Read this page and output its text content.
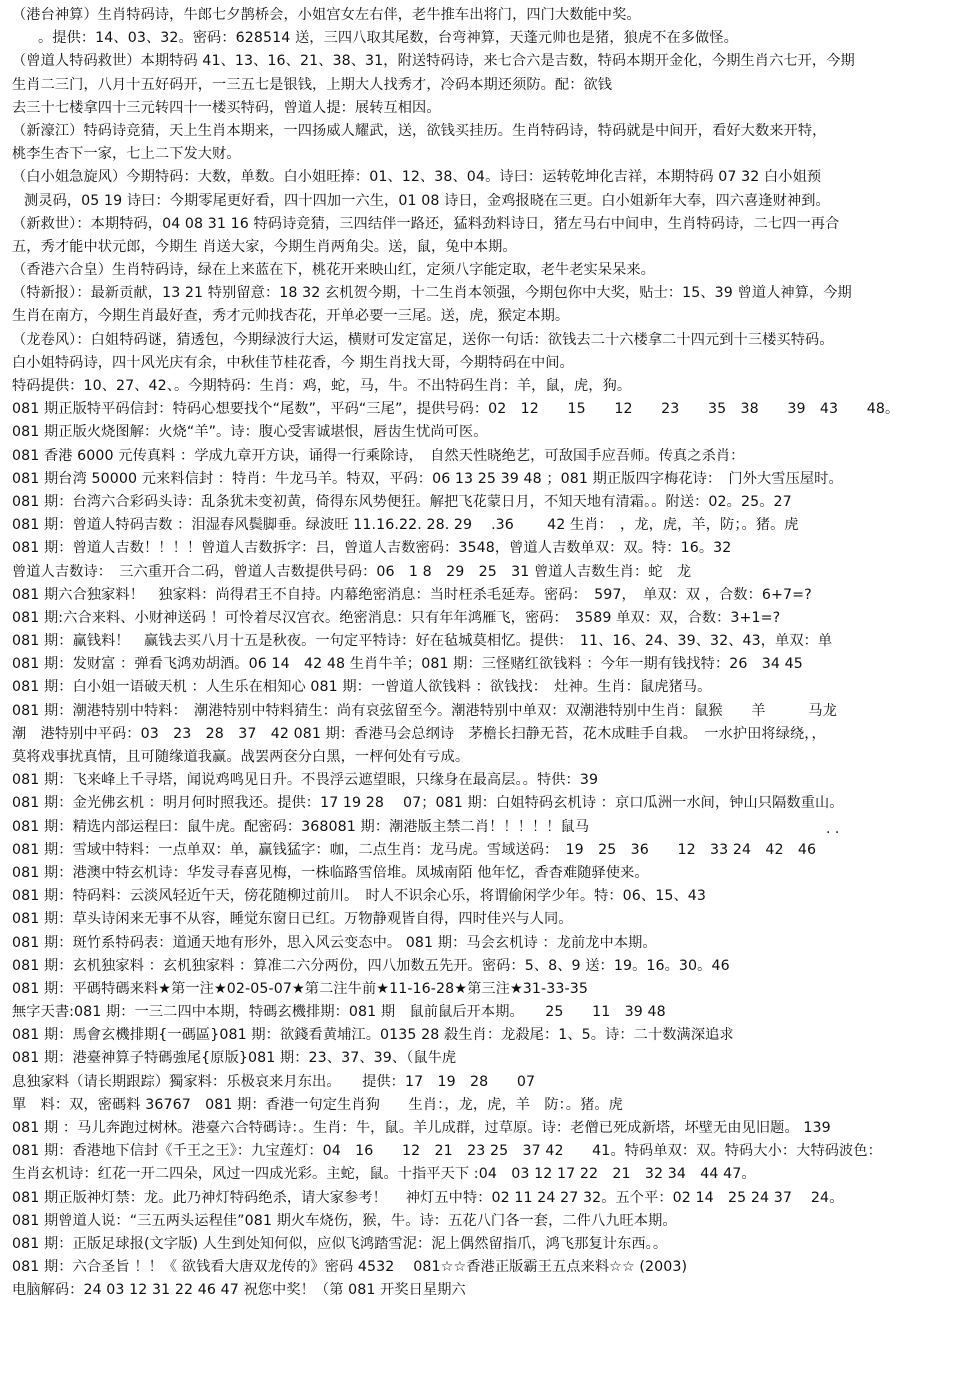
（港台神算）生肖特码诗，牛郎七夕鹊桥会，小姐宫女左右伴，老牛推车出将门，四门大数能中奖。
。提供：14、03、32。密码：628514 送，三四八取其尾数，台弯神算，天蓬元帅也是猪，狼虎不在多做怪。
（曾道人特码救世）本期特码 41、13、16、21、38、31，附送特码诗，来七合六是吉数，特码本期开金化，今期生肖六七开，今期
生肖二三门，八月十五好码开，一三五七是银钱，上期大人找秀才，冷码本期还须防。配：欲钱
去三十七楼拿四十三元转四十一楼买特码，曾道人提：展转互相因。
（新濠江）特码诗竞猜，天上生肖本期来，一四扬威人耀武，送，欲钱买挂历。生肖特码诗，特码就是中间开，看好大数来开特，
桃李生杏下一家，七上二下发大财。
（白小姐急旋风）今期特码：大数，单数。白小姐旺捧：01、12、38、04。诗曰：运转乾坤化吉祥，本期特码 07 32 白小姐预
测灵码，05 19 诗曰：今期零尾更好看，四十四加一六生，01 08 诗日，金鸡报晓在三更。白小姐新年大奉，四六喜逢财神到。
（新救世）：本期特码，04 08 31 16 特码诗竞猜，三四结伴一路还，猛料劲料诗日，猪左马右中间申，生肖特码诗，二七四一再合
五，秀才能中状元郎，今期生 肖送大家，今期生肖两角尖。送，鼠，兔中本期。
（香港六合皇）生肖特码诗，绿在上来蓝在下，桃花开来映山红，定须八字能定取，老牛老实呆呆来。
（特新报）：最新贡献，13 21 特别留意：18 32 玄机贺今期，十二生肖本领强，今期包你中大奖，贴士：15、39 曾道人神算，今期
生肖在南方，今期生肖最好查，秀才元帅找杏花，开单必要一三尾。送，虎，猴定本期。
（龙卷风）：白姐特码谜，猜透包，今期绿波行大运，横财可发定富足，送你一句话：欲钱去二十六楼拿二十四元到十三楼买特码。
白小姐特码诗，四十风光庆有余，中秋佳节桂花香，今 期生肖找大哥，今期特码在中间。
特码提供：10、27、42、。今期特码：生肖：鸡，蛇，马，牛。不出特码生肖：羊，鼠，虎，狗。
081 期正版特平码信封：特码心想要找个“尾数”，平码“三尾”，提供号码：02　12　　15　　12　　23　　35　38　　39　43　　48。
081 期正版火烧图解：火烧“羊”。诗：腹心受害诚堪恨，唇齿生忧尚可医。
081 香港 6000 元传真料 ：学成九章开方诀，诵得一行乘除诗，　自然天性晓绝艺，可敌国手应吾师。传真之杀肖：
081 期台湾 50000 元来料信封 ：特肖：牛龙马羊。特双，平码：06 13 25 39 48 ；081 期正版四字梅花诗：　门外大雪压屋时。
081 期：台湾六合彩码头诗：乱条犹未变初黄，倚得东风势便狂。解把飞花蒙日月，不知天地有清霜。。附送：02。25。27
081 期：曾道人特码吉数 ：泪湿春风鬓脚垂。绿波旺 11.16.22. 28. 29 　.36 　　42 生肖：　，龙，虎，羊，防；。猪。虎
081 期：曾道人吉数！！！！曾道人吉数拆字：吕，曾道人吉数密码：3548，曾道人吉数单双：双。特：16。32
曾道人吉数诗：　三六重开合二码，曾道人吉数提供号码：06　1 8　29　25　31 曾道人吉数生肖：蛇　龙
081 期六合独家料！　独家料：尚得君王不自持。内幕绝密消息：当时枉杀毛延寿。密码：　597，　单双：双 ，合数：6+7=?
081 期:六合来料、小财神送码 ！可怜着尽汉宫衣。绝密消息：只有年年鸿雁飞，密码：　3589 单双：双，合数：3+1=?
081 期：赢钱料！　赢钱去买八月十五是秋夜。一句定平特诗：好在毡城莫相忆。提供：　11、16、24、39、32、43，单双：单
081 期：发财富 ：弹看飞鸿劝胡酒。06 14　42 48 生肖牛羊；081 期：三怪赌红欲钱料 ：今年一期有钱找特：26　34 45
081 期：白小姐一语破天机 ：人生乐在相知心 081 期：一曾道人欲钱料 ：欲钱找：　灶神。生肖：鼠虎猪马。
081 期：潮港特别中特料：　潮港特别中特料猜生：尚有哀弦留至今。潮港特别中单双：双潮港特别中生肖：鼠猴　　羊　　　马龙
潮　港特别中平码：03　23　28　37　42 081 期：香港马会总纲诗　茅檐长扫静无苔，花木成畦手自栽。　一水护田将绿绕，，
莫将戏事扰真情，且可随缘道我赢。战罢两奁分白黑，一枰何处有亏成。
081 期：飞来峰上千寻塔，闻说鸡鸣见日升。不畏浮云遮望眼，只缘身在最高层。。特供：39
081 期：金光佛玄机 ：明月何时照我还。提供：17 19 28　 07；081 期：白姐特码玄机诗 ：京口瓜洲一水间，钟山只隔数重山。
081 期：精选内部运程曰：鼠牛虎。配密码：368081 期：潮港版主禁二肖！！！！！鼠马
081 期：雪域中特料：一点单双：单，赢钱猛字：咖，二点生肖：龙马虎。雪域送码：　19　25　36　　12　33 24　42　46
081 期：港澳中特玄机诗：华发寻春喜见梅，一株临路雪倍堆。凤城南陌 他年忆，香杳难随驿使来。
081 期：特码料：云淡风轻近午天，傍花随柳过前川。　时人不识余心乐，将谓偷闲学少年。特：06、15、43
081 期：草头诗闲来无事不从容，睡觉东窗日已红。万物静观皆自得，四时佳兴与人同。
081 期：斑竹系特码表：道通天地有形外，思入风云变态中。 081 期：马会玄机诗 ：龙前龙中本期。
081 期：玄机独家料 ：玄机独家料 ：算准二六分两份，四八加数五先开。密码：5、8、9 送：19。16。30。46
081 期：平碼特碼来料★第一注★02-05-07★第二注牛前★11-16-28★第三注★31-33-35
無字天書:081 期：一三二四中本期，特碼玄機排期：081 期　鼠前鼠后开本期。　　25　　11　39 48
081 期：馬會玄機排期{一碼區}081 期：欲錢看黄埔江。0135 28 殺生肖：龙殺尾：1、5。诗：二十数满深追求
081 期：港臺神算子特碼強尾{原版}081 期：23、37、39、（鼠牛虎
息独家料（请长期跟踪）獨家料：乐极哀来月东出。　　提供：17　19　28　　07
單　料：双，密碼料 36767　081 期：香港一句定生肖狗　　生肖：，龙，虎，羊　防：。猪。虎
081 期 ：马儿奔跑过树林。港臺六合特碼诗：。生肖：牛，鼠。羊儿成群，过草原。诗：老僧已死成新塔，坏壁无由见旧题。 139
081 期：香港地下信封《千王之王》：九宝莲灯：04　16　　12　21　23 25　37 42　　41。特码单双：双。特码大小：大特码波色：
生肖玄机诗：红花一开二四朵，风过一四成光彩。主蛇，鼠。十指平天下 :04　03 12 17 22　21　32 34　44 47。
081 期正版神灯禁：龙。此乃神灯特码绝杀，请大家参考！　 神灯五中特：02 11 24 27 32。五个平：02 14　25 24 37　 24。
081 期曾道人说：“三五两头运程佳”081 期火车烧伤，猴，牛。诗：五花八门各一套，二件八九旺本期。
081 期：正版足球报(文字版) 人生到处知何似，应似飞鸿踏雪泥：泥上偶然留指爪，鸿飞那复计东西。。
081 期：六合圣旨 ！！《 欲钱看大唐双龙传的》密码 4532　 081☆☆香港正版霸王五点来料☆☆ (2003)
电脑解码：24 03 12 31 22 46 47 祝您中奖！（第 081 开奖日星期六
· ·
